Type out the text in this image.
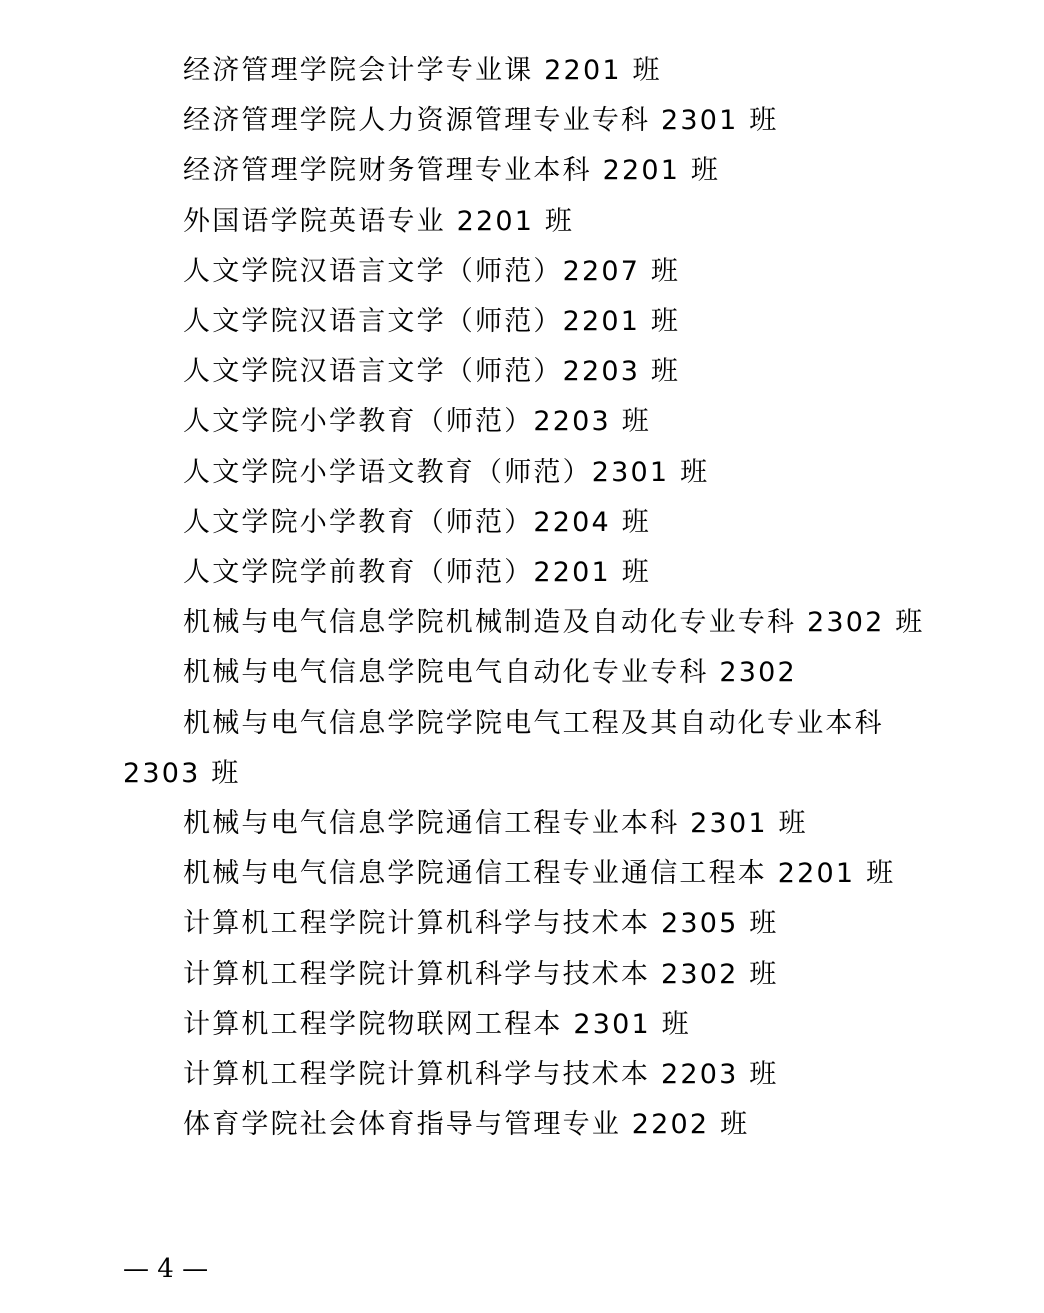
经济管理学院会计学专业课 2201 班

经济管理学院人力资源管理专业专科 2301 班

经济管理学院财务管理专业本科 2201 班

外国语学院英语专业 2201 班

人文学院汉语言文学（师范）2207 班

人文学院汉语言文学（师范）2201 班

人文学院汉语言文学（师范）2203 班

人文学院小学教育（师范）2203 班

人文学院小学语文教育（师范）2301 班

人文学院小学教育（师范）2204 班

人文学院学前教育（师范）2201 班

机械与电气信息学院机械制造及自动化专业专科 2302 班

机械与电气信息学院电气自动化专业专科 2302

机械与电气信息学院学院电气工程及其自动化专业本科 2303 班

机械与电气信息学院通信工程专业本科 2301 班

机械与电气信息学院通信工程专业通信工程本 2201 班

计算机工程学院计算机科学与技术本 2305 班

计算机工程学院计算机科学与技术本 2302 班

计算机工程学院物联网工程本 2301 班

计算机工程学院计算机科学与技术本 2203 班

体育学院社会体育指导与管理专业 2202 班

— 4 —
